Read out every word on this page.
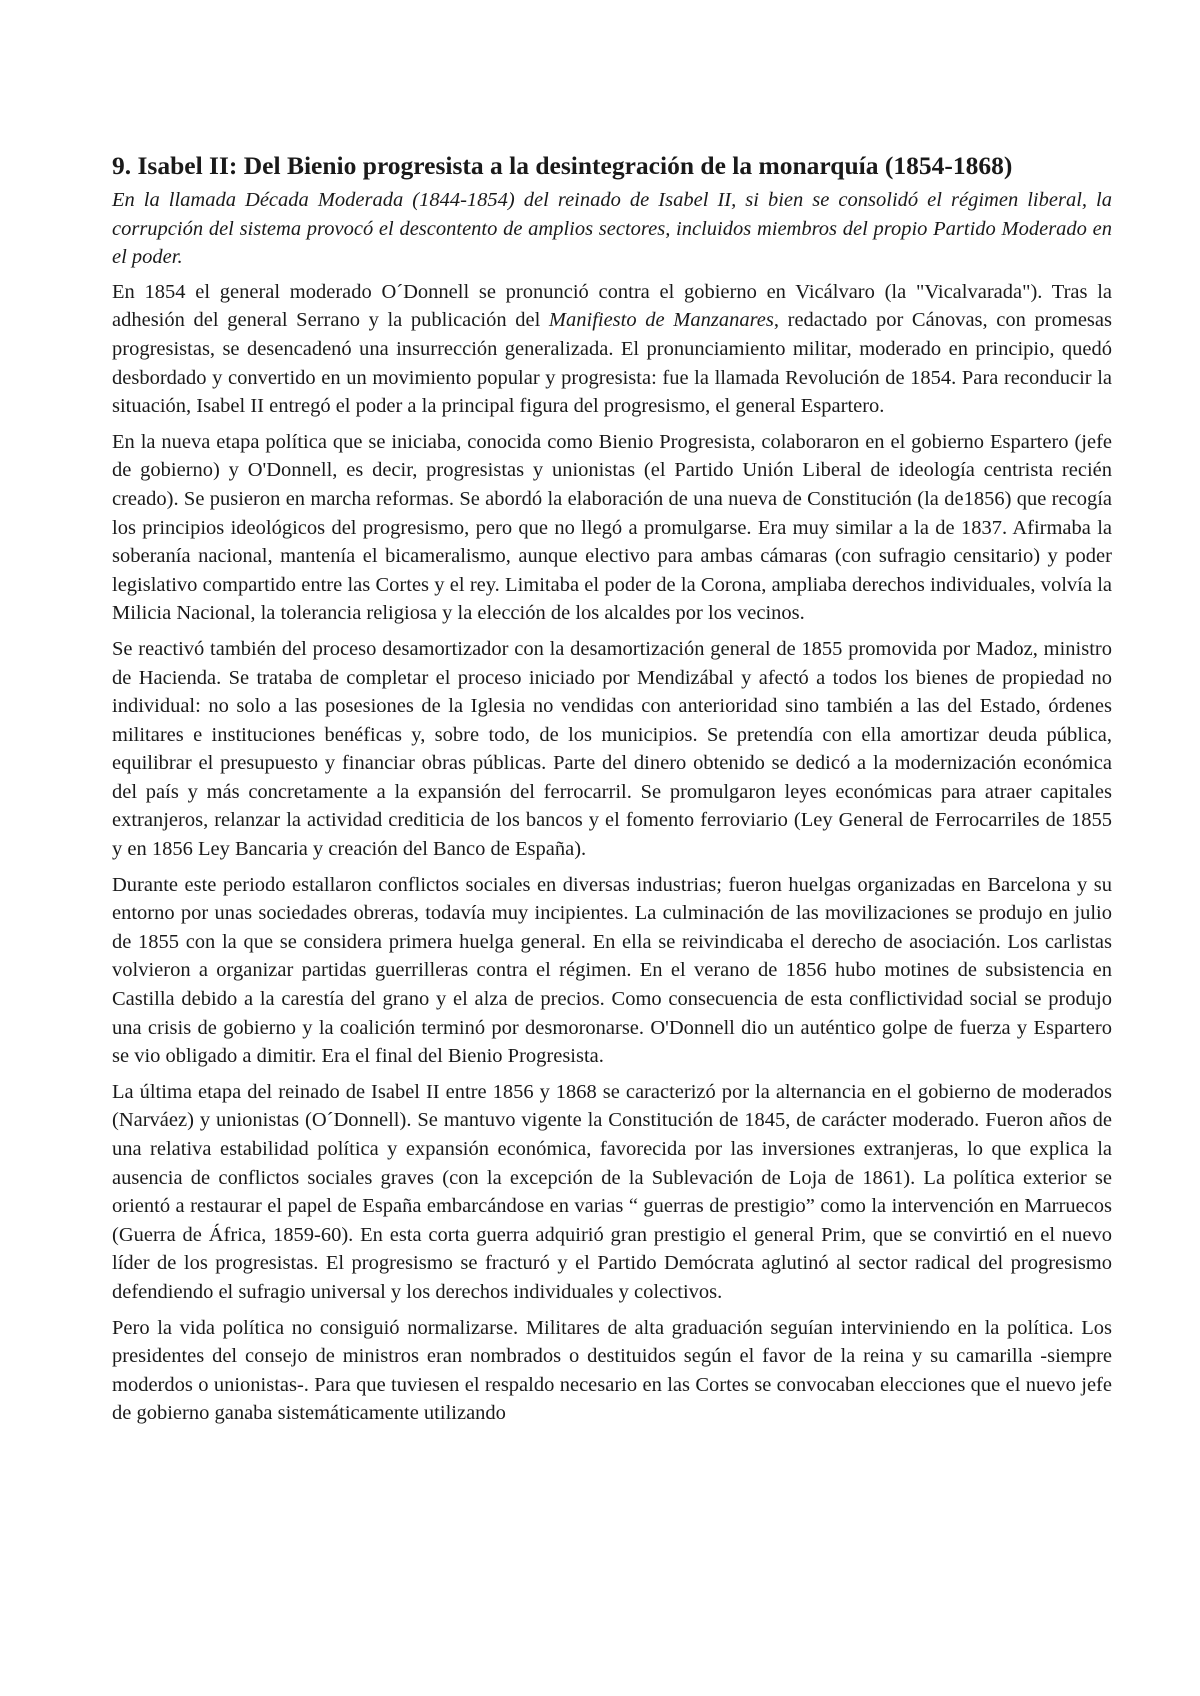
9. Isabel II: Del Bienio progresista a la desintegración de la monarquía (1854-1868)

En la llamada Década Moderada (1844-1854) del reinado de Isabel II, si bien se consolidó el régimen liberal, la corrupción del sistema provocó el descontento de amplios sectores, incluidos miembros del propio Partido Moderado en el poder.

En 1854 el general moderado O´Donnell se pronunció contra el gobierno en Vicálvaro (la "Vicalvarada"). Tras la adhesión del general Serrano y la publicación del Manifiesto de Manzanares, redactado por Cánovas, con promesas progresistas, se desencadenó una insurrección generalizada. El pronunciamiento militar, moderado en principio, quedó desbordado y convertido en un movimiento popular y progresista: fue la llamada Revolución de 1854. Para reconducir la situación, Isabel II entregó el poder a la principal figura del progresismo, el general Espartero.

En la nueva etapa política que se iniciaba, conocida como Bienio Progresista, colaboraron en el gobierno Espartero (jefe de gobierno) y O'Donnell, es decir, progresistas y unionistas (el Partido Unión Liberal de ideología centrista recién creado). Se pusieron en marcha reformas. Se abordó la elaboración de una nueva de Constitución (la de1856) que recogía los principios ideológicos del progresismo, pero que no llegó a promulgarse. Era muy similar a la de 1837. Afirmaba la soberanía nacional, mantenía el bicameralismo, aunque electivo para ambas cámaras (con sufragio censitario) y poder legislativo compartido entre las Cortes y el rey. Limitaba el poder de la Corona, ampliaba derechos individuales, volvía la Milicia Nacional, la tolerancia religiosa y la elección de los alcaldes por los vecinos.

Se reactivó también del proceso desamortizador con la desamortización general de 1855 promovida por Madoz, ministro de Hacienda. Se trataba de completar el proceso iniciado por Mendizábal y afectó a todos los bienes de propiedad no individual: no solo a las posesiones de la Iglesia no vendidas con anterioridad sino también a las del Estado, órdenes militares e instituciones benéficas y, sobre todo, de los municipios. Se pretendía con ella amortizar deuda pública, equilibrar el presupuesto y financiar obras públicas. Parte del dinero obtenido se dedicó a la modernización económica del país y más concretamente a la expansión del ferrocarril. Se promulgaron leyes económicas para atraer capitales extranjeros, relanzar la actividad crediticia de los bancos y el fomento ferroviario (Ley General de Ferrocarriles de 1855 y en 1856 Ley Bancaria y creación del Banco de España).

Durante este periodo estallaron conflictos sociales en diversas industrias; fueron huelgas organizadas en Barcelona y su entorno por unas sociedades obreras, todavía muy incipientes. La culminación de las movilizaciones se produjo en julio de 1855 con la que se considera primera huelga general. En ella se reivindicaba el derecho de asociación. Los carlistas volvieron a organizar partidas guerrilleras contra el régimen. En el verano de 1856 hubo motines de subsistencia en Castilla debido a la carestía del grano y el alza de precios. Como consecuencia de esta conflictividad social se produjo una crisis de gobierno y la coalición terminó por desmoronarse. O'Donnell dio un auténtico golpe de fuerza y Espartero se vio obligado a dimitir. Era el final del Bienio Progresista.

La última etapa del reinado de Isabel II entre 1856 y 1868 se caracterizó por la alternancia en el gobierno de moderados (Narváez) y unionistas (O´Donnell). Se mantuvo vigente la Constitución de 1845, de carácter moderado. Fueron años de una relativa estabilidad política y expansión económica, favorecida por las inversiones extranjeras, lo que explica la ausencia de conflictos sociales graves (con la excepción de la Sublevación de Loja de 1861). La política exterior se orientó a restaurar el papel de España embarcándose en varias “ guerras de prestigio” como la intervención en Marruecos (Guerra de África, 1859-60). En esta corta guerra adquirió gran prestigio el general Prim, que se convirtió en el nuevo líder de los progresistas. El progresismo se fracturó y el Partido Demócrata aglutinó al sector radical del progresismo defendiendo el sufragio universal y los derechos individuales y colectivos.

Pero la vida política no consiguió normalizarse. Militares de alta graduación seguían interviniendo en la política. Los presidentes del consejo de ministros eran nombrados o destituidos según el favor de la reina y su camarilla -siempre moderdos o unionistas-. Para que tuviesen el respaldo necesario en las Cortes se convocaban elecciones que el nuevo jefe de gobierno ganaba sistemáticamente utilizando
